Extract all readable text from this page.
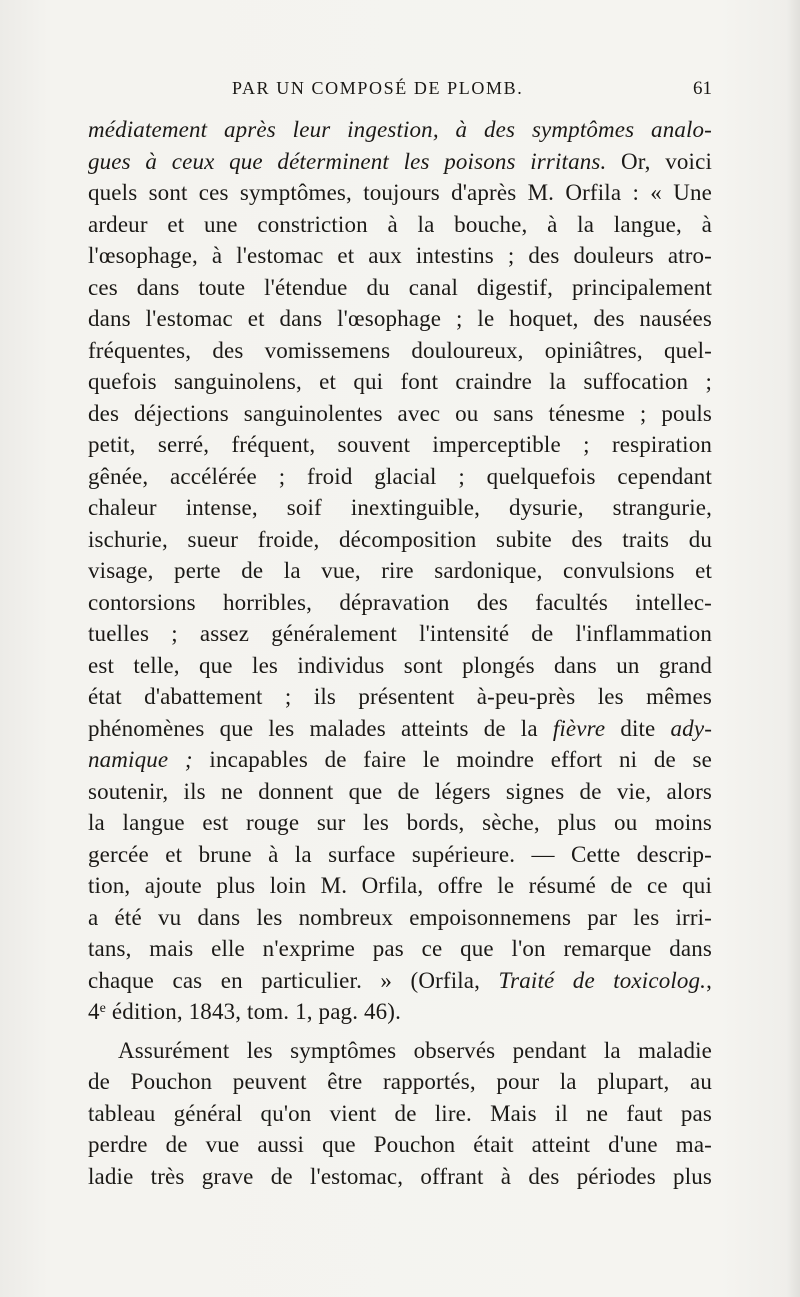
PAR UN COMPOSÉ DE PLOMB.	61
médiatement après leur ingestion, à des symptômes analo-
gues à ceux que déterminent les poisons irritans. Or, voici
quels sont ces symptômes, toujours d'après M. Orfila : « Une
ardeur et une constriction à la bouche, à la langue, à
l'œsophage, à l'estomac et aux intestins ; des douleurs atro-
ces dans toute l'étendue du canal digestif, principalement
dans l'estomac et dans l'œsophage ; le hoquet, des nausées
fréquentes, des vomissemens douloureux, opiniâtres, quel-
quefois sanguinolens, et qui font craindre la suffocation ;
des déjections sanguinolentes avec ou sans ténesme ; pouls
petit, serré, fréquent, souvent imperceptible ; respiration
gênée, accélérée ; froid glacial ; quelquefois cependant
chaleur intense, soif inextinguible, dysurie, strangurie,
ischurie, sueur froide, décomposition subite des traits du
visage, perte de la vue, rire sardonique, convulsions et
contorsions horribles, dépravation des facultés intellec-
tuelles ; assez généralement l'intensité de l'inflammation
est telle, que les individus sont plongés dans un grand
état d'abattement ; ils présentent à-peu-près les mêmes
phénomènes que les malades atteints de la fièvre dite ady-
namique ; incapables de faire le moindre effort ni de se
soutenir, ils ne donnent que de légers signes de vie, alors
la langue est rouge sur les bords, sèche, plus ou moins
gercée et brune à la surface supérieure. — Cette descrip-
tion, ajoute plus loin M. Orfila, offre le résumé de ce qui
a été vu dans les nombreux empoisonnemens par les irri-
tans, mais elle n'exprime pas ce que l'on remarque dans
chaque cas en particulier. » (Orfila, Traité de toxicolog.,
4e édition, 1843, tom. 1, pag. 46).
Assurément les symptômes observés pendant la maladie
de Pouchon peuvent être rapportés, pour la plupart, au
tableau général qu'on vient de lire. Mais il ne faut pas
perdre de vue aussi que Pouchon était atteint d'une ma-
ladie très grave de l'estomac, offrant à des périodes plus
